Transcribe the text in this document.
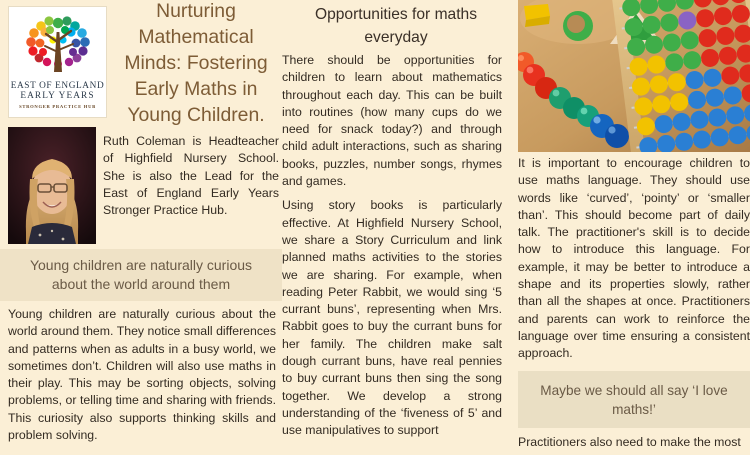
EAST OF ENGLAND
EARLY YEARS
STRONGER PRACTICE HUB
Nurturing Mathematical Minds: Fostering Early Maths in Young Children.

Ruth Coleman is Headteacher of Highfield Nursery School. She is also the Lead for the East of England Early Years Stronger Practice Hub.

Young children are naturally curious about the world around them

Young children are naturally curious about the world around them. They notice small differences and patterns when as adults in a busy world, we sometimes don’t. Children will also use maths in their play. This may be sorting objects, solving problems, or telling time and sharing with friends. This curiosity also supports thinking skills and problem solving.

Opportunities for maths everyday

There should be opportunities for children to learn about mathematics throughout each day. This can be built into routines (how many cups do we need for snack today?) and through child adult interactions, such as sharing books, puzzles, number songs, rhymes and games.

Using story books is particularly effective. At Highfield Nursery School, we share a Story Curriculum and link planned maths activities to the stories we are sharing. For example, when reading Peter Rabbit, we would sing ‘5 currant buns’, representing when Mrs. Rabbit goes to buy the currant buns for her family. The children make salt dough currant buns, have real pennies to buy currant buns then sing the song together. We develop a strong understanding of the ‘fiveness of 5’ and use manipulatives to support

It is important to encourage children to use maths language. They should use words like ‘curved’, ‘pointy’ or ‘smaller than’. This should become part of daily talk. The practitioner's skill is to decide how to introduce this language. For example, it may be better to introduce a shape and its properties slowly, rather than all the shapes at once. Practitioners and parents can work to reinforce the language over time ensuring a consistent approach.

Maybe we should all say ‘I love maths!’

Practitioners also need to make the most
